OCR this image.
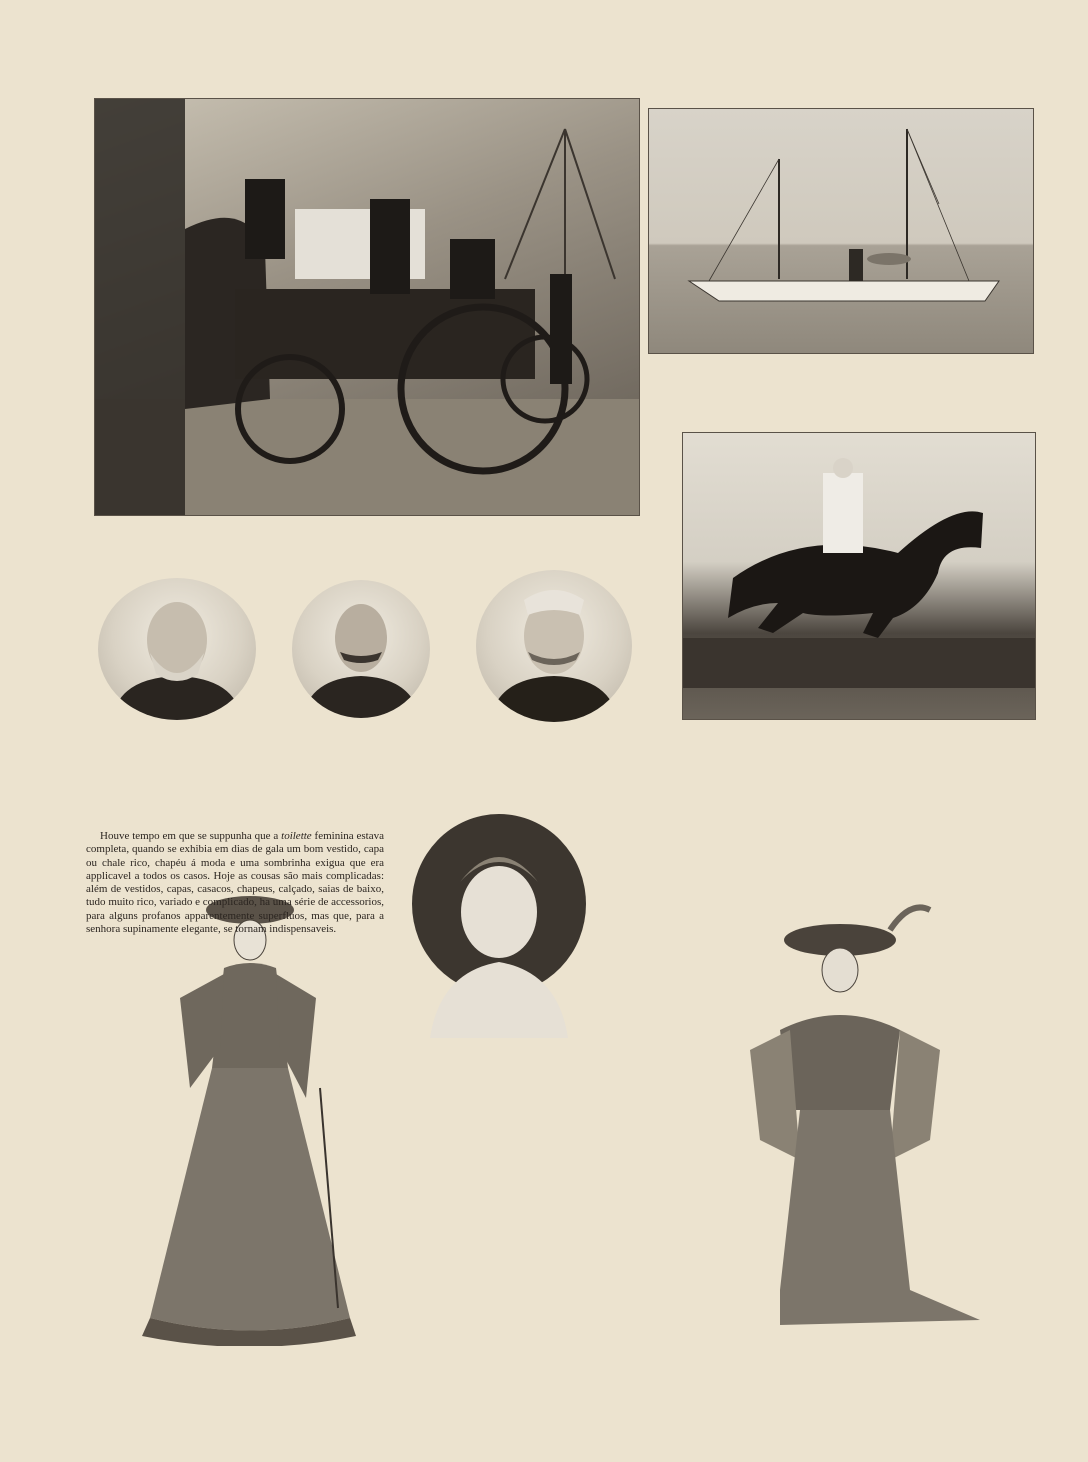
Houve tempo em que se suppunha que a toilette feminina estava completa, quando se exhibia em dias de gala um bom vestido, capa ou chale rico, chapéu á moda e uma sombrinha exigua que era applicavel a todos os casos. Hoje as cousas são mais complicadas: além de vestidos, capas, casacos, chapeus, calçado, saias de baixo, tudo muito rico, variado e complicado, ha uma série de accessorios, para alguns profanos apparentemente superfluos, mas que, para a senhora supinamente elegante, se tornam indispensaveis.
